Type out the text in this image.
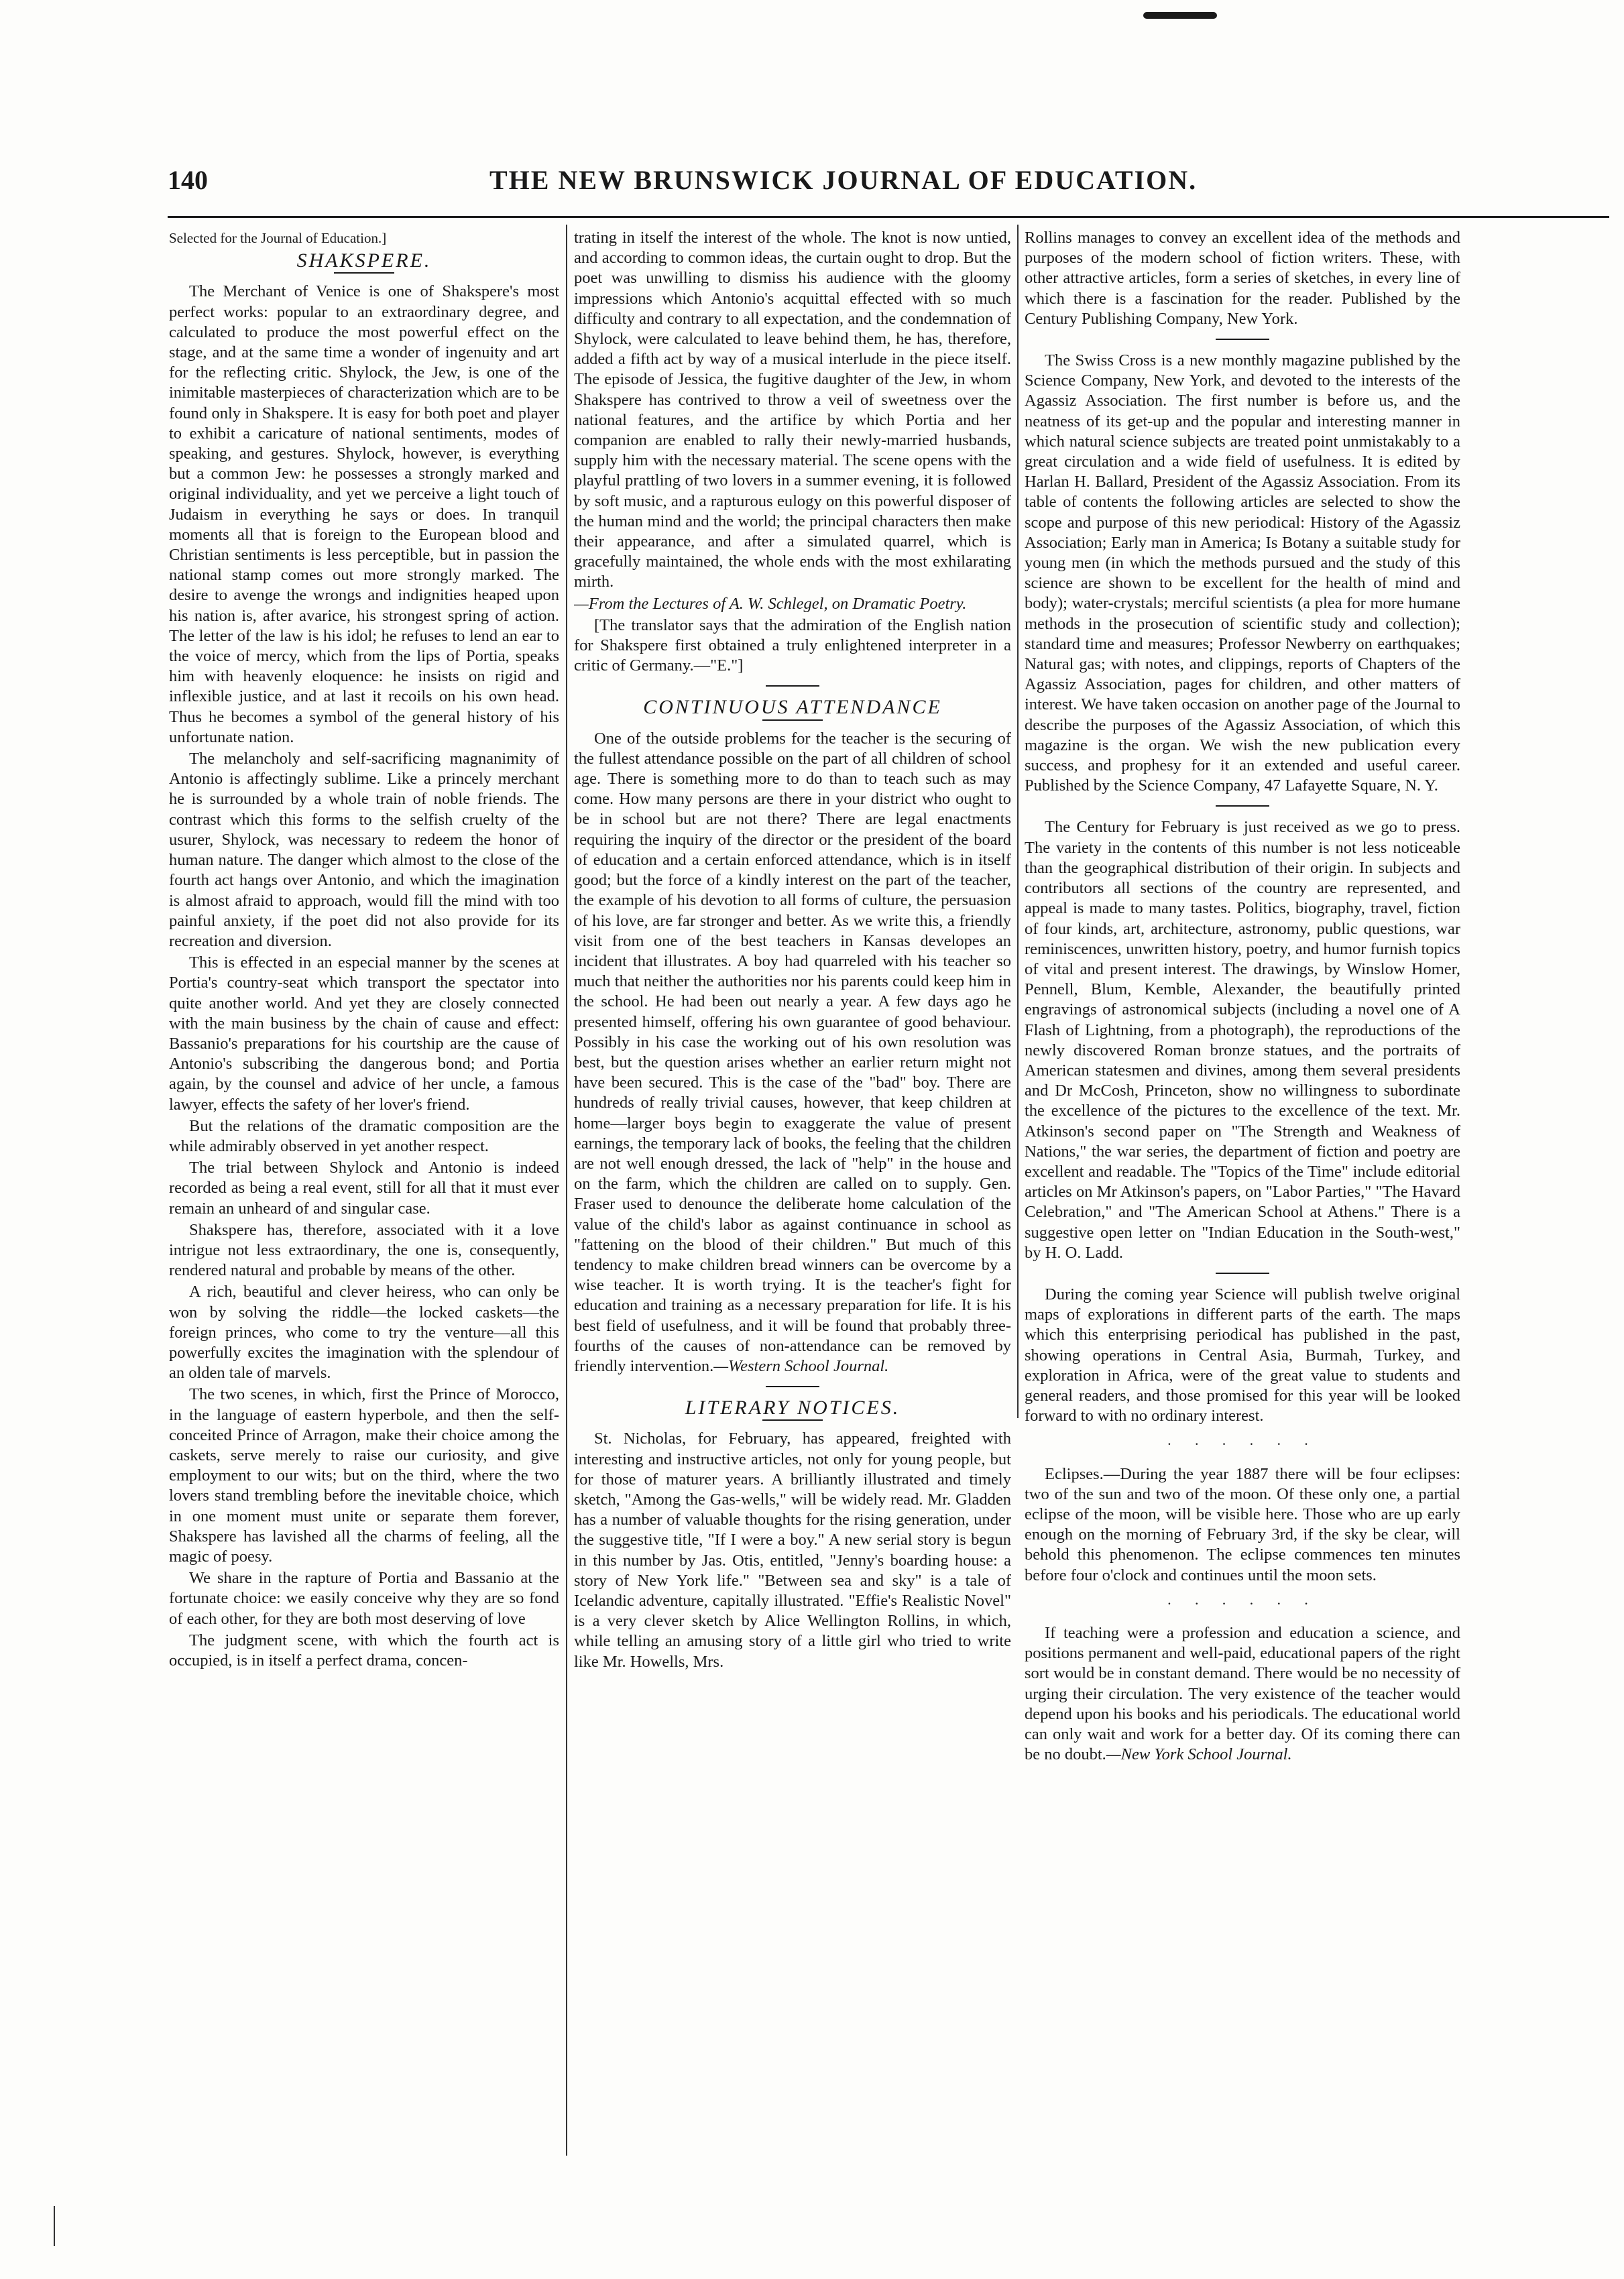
140	THE NEW BRUNSWICK JOURNAL OF EDUCATION.
Selected for the Journal of Education.]
SHAKSPERE.

The Merchant of Venice is one of Shakspere's most perfect works: popular to an extraordinary degree, and calculated to produce the most powerful effect on the stage, and at the same time a wonder of ingenuity and art for the reflecting critic. Shylock, the Jew, is one of the inimitable masterpieces of characterization which are to be found only in Shakspere. It is easy for both poet and player to exhibit a caricature of national sentiments, modes of speaking, and gestures. Shylock, however, is everything but a common Jew: he possesses a strongly marked and original individuality, and yet we perceive a light touch of Judaism in everything he says or does. In tranquil moments all that is foreign to the European blood and Christian sentiments is less perceptible, but in passion the national stamp comes out more strongly marked. The desire to avenge the wrongs and indignities heaped upon his nation is, after avarice, his strongest spring of action. The letter of the law is his idol; he refuses to lend an ear to the voice of mercy, which from the lips of Portia, speaks him with heavenly eloquence: he insists on rigid and inflexible justice, and at last it recoils on his own head. Thus he becomes a symbol of the general history of his unfortunate nation.

The melancholy and self-sacrificing magnanimity of Antonio is affectingly sublime. Like a princely merchant he is surrounded by a whole train of noble friends. The contrast which this forms to the selfish cruelty of the usurer, Shylock, was necessary to redeem the honor of human nature. The danger which almost to the close of the fourth act hangs over Antonio, and which the imagination is almost afraid to approach, would fill the mind with too painful anxiety, if the poet did not also provide for its recreation and diversion.

This is effected in an especial manner by the scenes at Portia's country-seat which transport the spectator into quite another world. And yet they are closely connected with the main business by the chain of cause and effect: Bassanio's preparations for his courtship are the cause of Antonio's subscribing the dangerous bond; and Portia again, by the counsel and advice of her uncle, a famous lawyer, effects the safety of her lover's friend.

But the relations of the dramatic composition are the while admirably observed in yet another respect.

The trial between Shylock and Antonio is indeed recorded as being a real event, still for all that it must ever remain an unheard of and singular case.

Shakspere has, therefore, associated with it a love intrigue not less extraordinary, the one is, consequently, rendered natural and probable by means of the other.

A rich, beautiful and clever heiress, who can only be won by solving the riddle—the locked caskets—the foreign princes, who come to try the venture—all this powerfully excites the imagination with the splendour of an olden tale of marvels.

The two scenes, in which, first the Prince of Morocco, in the language of eastern hyperbole, and then the self-conceited Prince of Arragon, make their choice among the caskets, serve merely to raise our curiosity, and give employment to our wits; but on the third, where the two lovers stand trembling before the inevitable choice, which in one moment must unite or separate them forever, Shakspere has lavished all the charms of feeling, all the magic of poesy.

We share in the rapture of Portia and Bassanio at the fortunate choice: we easily conceive why they are so fond of each other, for they are both most deserving of love

The judgment scene, with which the fourth act is occupied, is in itself a perfect drama, concen-

trating in itself the interest of the whole. The knot is now untied, and according to common ideas, the curtain ought to drop. But the poet was unwilling to dismiss his audience with the gloomy impressions which Antonio's acquittal effected with so much difficulty and contrary to all expectation, and the condemnation of Shylock, were calculated to leave behind them, he has, therefore, added a fifth act by way of a musical interlude in the piece itself. The episode of Jessica, the fugitive daughter of the Jew, in whom Shakspere has contrived to throw a veil of sweetness over the national features, and the artifice by which Portia and her companion are enabled to rally their newly-married husbands, supply him with the necessary material. The scene opens with the playful prattling of two lovers in a summer evening, it is followed by soft music, and a rapturous eulogy on this powerful disposer of the human mind and the world; the principal characters then make their appearance, and after a simulated quarrel, which is gracefully maintained, the whole ends with the most exhilarating mirth.

—From the Lectures of A. W. Schlegel, on Dramatic Poetry.

[The translator says that the admiration of the English nation for Shakspere first obtained a truly enlightened interpreter in a critic of Germany.—"E."]

CONTINUOUS ATTENDANCE

One of the outside problems for the teacher is the securing of the fullest attendance possible on the part of all children of school age. There is something more to do than to teach such as may come. How many persons are there in your district who ought to be in school but are not there? There are legal enactments requiring the inquiry of the director or the president of the board of education and a certain enforced attendance, which is in itself good; but the force of a kindly interest on the part of the teacher, the example of his devotion to all forms of culture, the persuasion of his love, are far stronger and better. As we write this, a friendly visit from one of the best teachers in Kansas developes an incident that illustrates. A boy had quarreled with his teacher so much that neither the authorities nor his parents could keep him in the school. He had been out nearly a year. A few days ago he presented himself, offering his own guarantee of good behaviour. Possibly in his case the working out of his own resolution was best, but the question arises whether an earlier return might not have been secured. This is the case of the "bad" boy. There are hundreds of really trivial causes, however, that keep children at home—larger boys begin to exaggerate the value of present earnings, the temporary lack of books, the feeling that the children are not well enough dressed, the lack of "help" in the house and on the farm, which the children are called on to supply. Gen. Fraser used to denounce the deliberate home calculation of the value of the child's labor as against continuance in school as "fattening on the blood of their children." But much of this tendency to make children bread winners can be overcome by a wise teacher. It is worth trying. It is the teacher's fight for education and training as a necessary preparation for life. It is his best field of usefulness, and it will be found that probably three-fourths of the causes of non-attendance can be removed by friendly intervention.—Western School Journal.

LITERARY NOTICES.

St. Nicholas, for February, has appeared, freighted with interesting and instructive articles, not only for young people, but for those of maturer years. A brilliantly illustrated and timely sketch, "Among the Gas-wells," will be widely read. Mr. Gladden has a number of valuable thoughts for the rising generation, under the suggestive title, "If I were a boy." A new serial story is begun in this number by Jas. Otis, entitled, "Jenny's boarding house: a story of New York life." "Between sea and sky" is a tale of Icelandic adventure, capitally illustrated. "Effie's Realistic Novel" is a very clever sketch by Alice Wellington Rollins, in which, while telling an amusing story of a little girl who tried to write like Mr. Howells, Mrs.

Rollins manages to convey an excellent idea of the methods and purposes of the modern school of fiction writers. These, with other attractive articles, form a series of sketches, in every line of which there is a fascination for the reader. Published by the Century Publishing Company, New York.

The Swiss Cross is a new monthly magazine published by the Science Company, New York, and devoted to the interests of the Agassiz Association. The first number is before us, and the neatness of its get-up and the popular and interesting manner in which natural science subjects are treated point unmistakably to a great circulation and a wide field of usefulness. It is edited by Harlan H. Ballard, President of the Agassiz Association. From its table of contents the following articles are selected to show the scope and purpose of this new periodical: History of the Agassiz Association; Early man in America; Is Botany a suitable study for young men (in which the methods pursued and the study of this science are shown to be excellent for the health of mind and body); water-crystals; merciful scientists (a plea for more humane methods in the prosecution of scientific study and collection); standard time and measures; Professor Newberry on earthquakes; Natural gas; with notes, and clippings, reports of Chapters of the Agassiz Association, pages for children, and other matters of interest. We have taken occasion on another page of the Journal to describe the purposes of the Agassiz Association, of which this magazine is the organ. We wish the new publication every success, and prophesy for it an extended and useful career. Published by the Science Company, 47 Lafayette Square, N. Y.

The Century for February is just received as we go to press. The variety in the contents of this number is not less noticeable than the geographical distribution of their origin. In subjects and contributors all sections of the country are represented, and appeal is made to many tastes. Politics, biography, travel, fiction of four kinds, art, architecture, astronomy, public questions, war reminiscences, unwritten history, poetry, and humor furnish topics of vital and present interest. The drawings, by Winslow Homer, Pennell, Blum, Kemble, Alexander, the beautifully printed engravings of astronomical subjects (including a novel one of A Flash of Lightning, from a photograph), the reproductions of the newly discovered Roman bronze statues, and the portraits of American statesmen and divines, among them several presidents and Dr McCosh, Princeton, show no willingness to subordinate the excellence of the pictures to the excellence of the text. Mr. Atkinson's second paper on "The Strength and Weakness of Nations," the war series, the department of fiction and poetry are excellent and readable. The "Topics of the Time" include editorial articles on Mr Atkinson's papers, on "Labor Parties," "The Havard Celebration," and "The American School at Athens." There is a suggestive open letter on "Indian Education in the South-west," by H. O. Ladd.

During the coming year Science will publish twelve original maps of explorations in different parts of the earth. The maps which this enterprising periodical has published in the past, showing operations in Central Asia, Burmah, Turkey, and exploration in Africa, were of the great value to students and general readers, and those promised for this year will be looked forward to with no ordinary interest.

· · · · · ·

Eclipses.—During the year 1887 there will be four eclipses: two of the sun and two of the moon. Of these only one, a partial eclipse of the moon, will be visible here. Those who are up early enough on the morning of February 3rd, if the sky be clear, will behold this phenomenon. The eclipse commences ten minutes before four o'clock and continues until the moon sets.

· · · · · ·

If teaching were a profession and education a science, and positions permanent and well-paid, educational papers of the right sort would be in constant demand. There would be no necessity of urging their circulation. The very existence of the teacher would depend upon his books and his periodicals. The educational world can only wait and work for a better day. Of its coming there can be no doubt.—New York School Journal.
